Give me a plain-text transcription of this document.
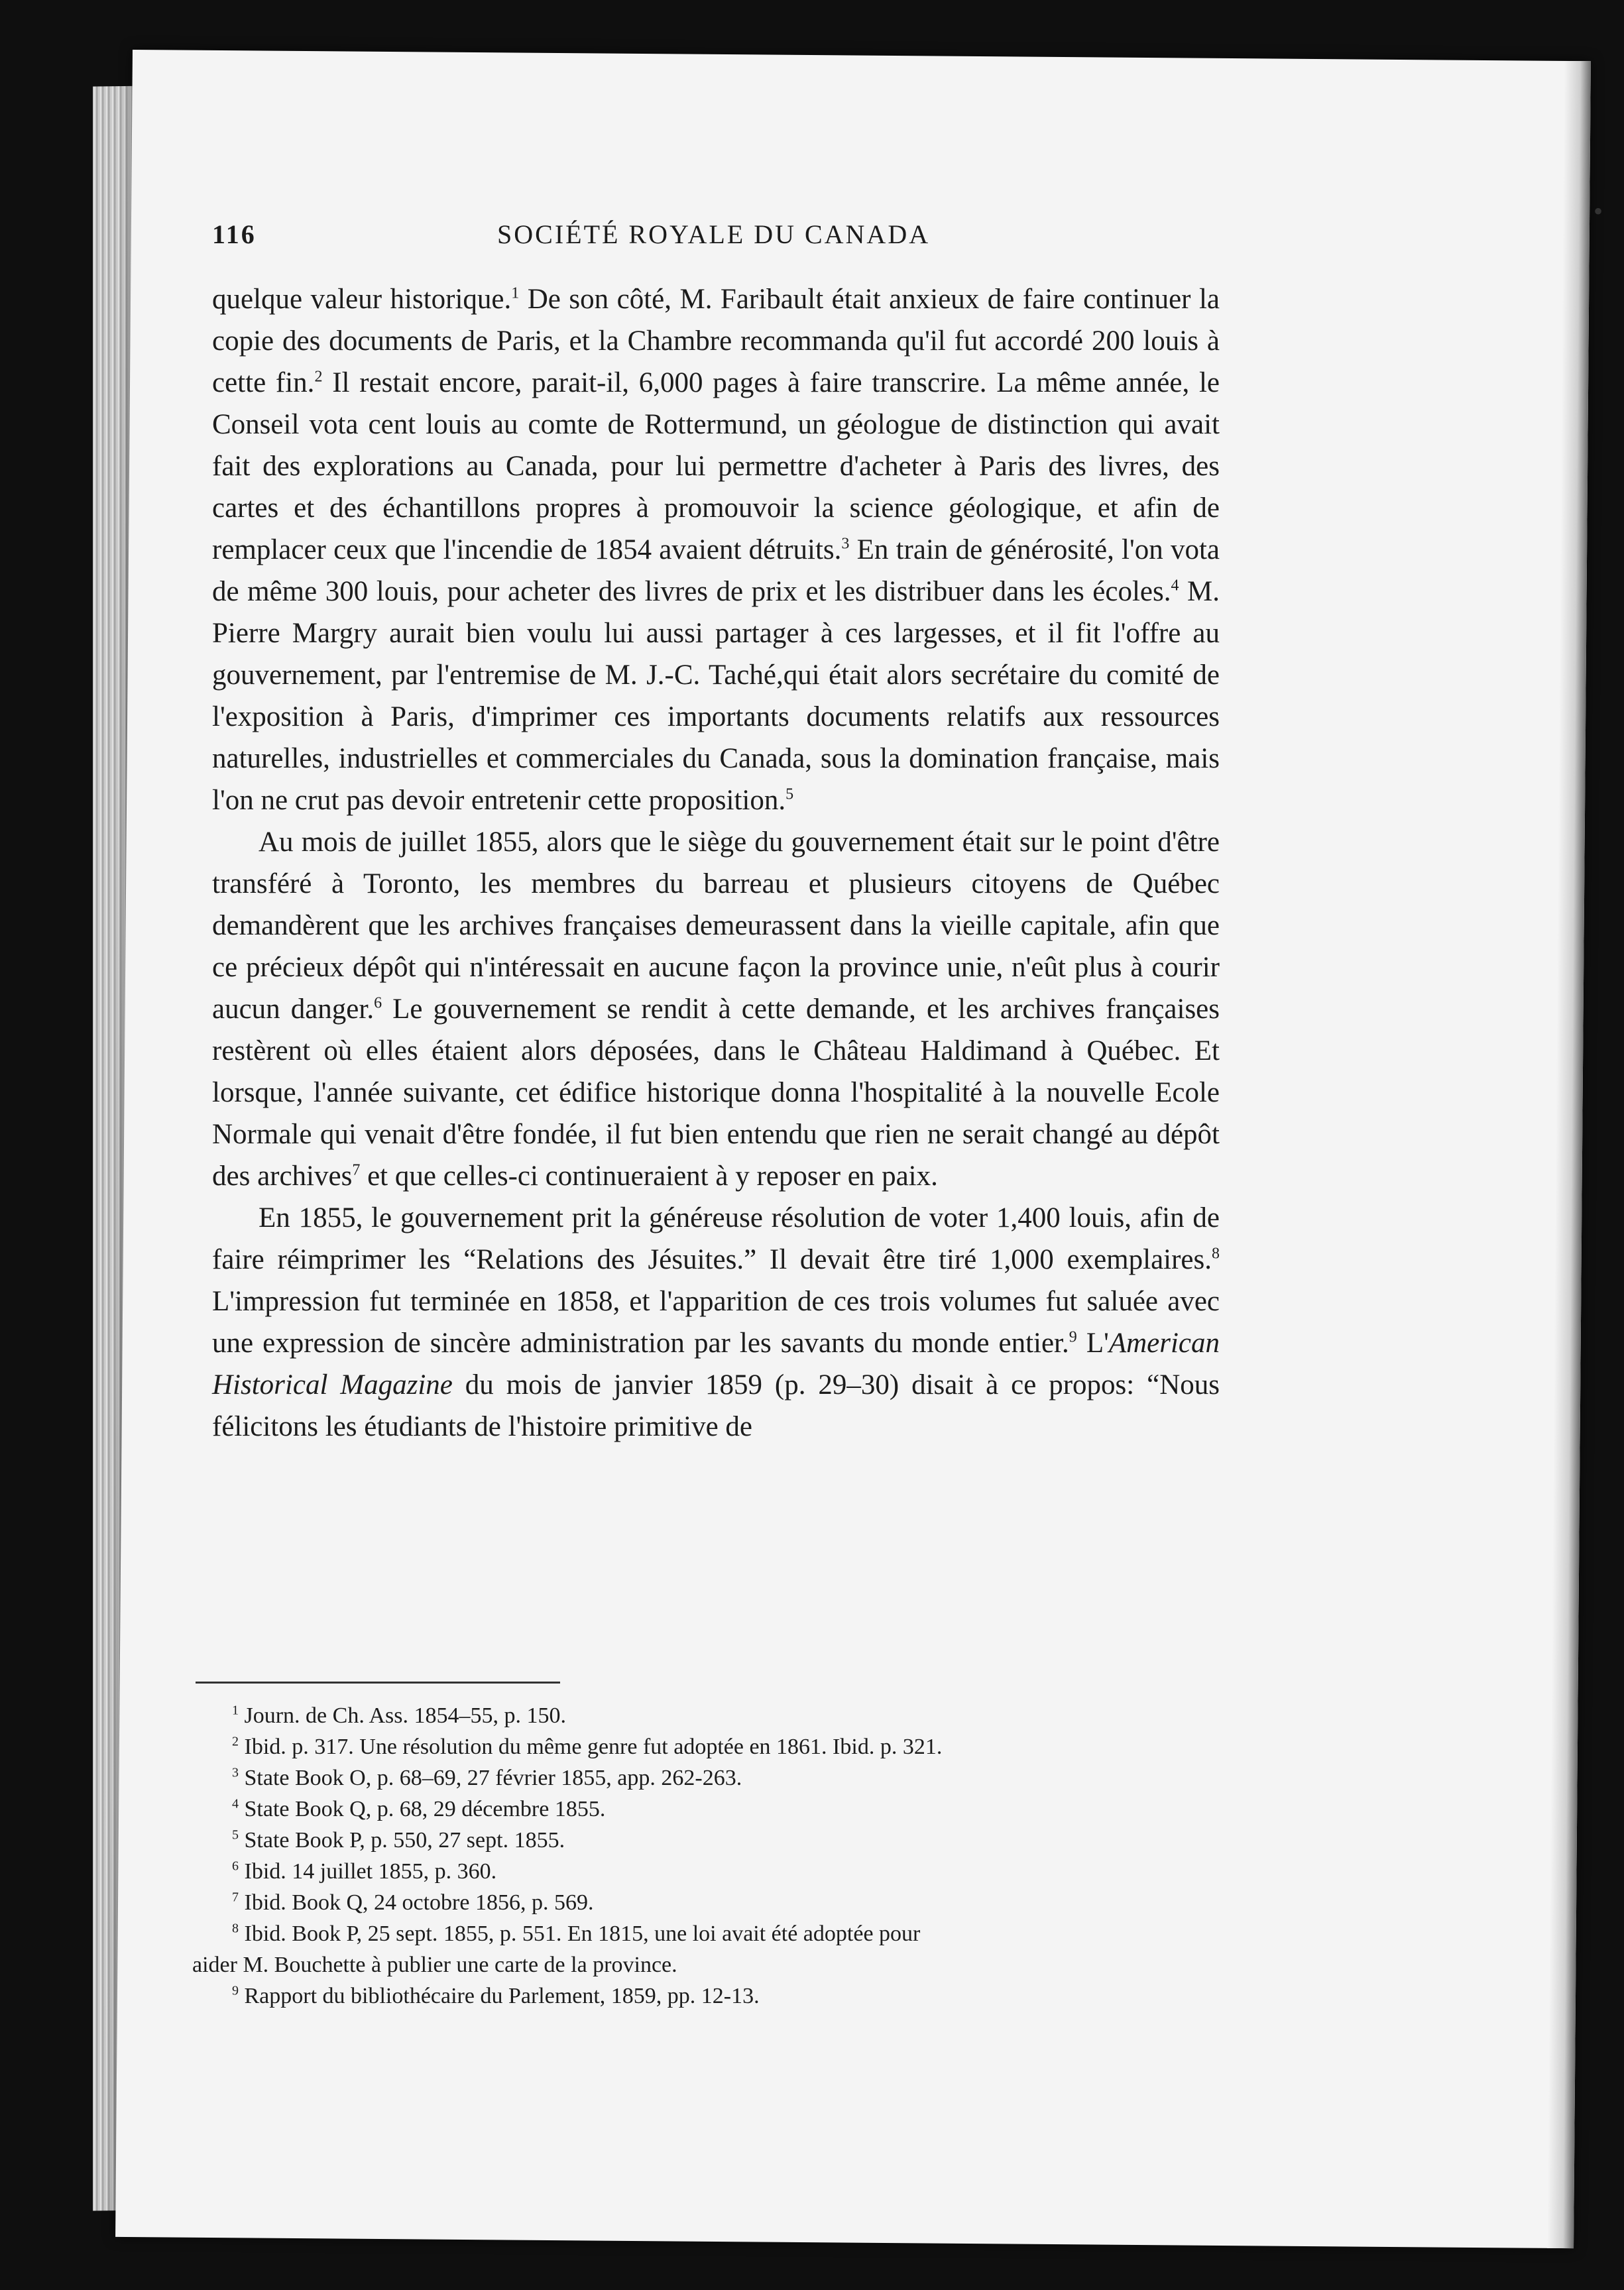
116	SOCIÉTÉ ROYALE DU CANADA

quelque valeur historique.$^1$ De son côté, M. Faribault était anxieux de faire continuer la copie des documents de Paris, et la Chambre recommanda qu'il fut accordé 200 louis à cette fin.$^2$ Il restait encore, parait-il, 6,000 pages à faire transcrire. La même année, le Conseil vota cent louis au comte de Rottermund, un géologue de distinction qui avait fait des explorations au Canada, pour lui permettre d'acheter à Paris des livres, des cartes et des échantillons propres à promouvoir la science géologique, et afin de remplacer ceux que l'incendie de 1854 avaient détruits.$^3$ En train de générosité, l'on vota de même 300 louis, pour acheter des livres de prix et les distribuer dans les écoles.$^4$ M. Pierre Margry aurait bien voulu lui aussi partager à ces largesses, et il fit l'offre au gouvernement, par l'entremise de M. J.-C. Taché,qui était alors secrétaire du comité de l'exposition à Paris, d'imprimer ces importants documents relatifs aux ressources naturelles, industrielles et commerciales du Canada, sous la domination française, mais l'on ne crut pas devoir entretenir cette proposition.$^5$

Au mois de juillet 1855, alors que le siège du gouvernement était sur le point d'être transféré à Toronto, les membres du barreau et plusieurs citoyens de Québec demandèrent que les archives françaises demeurassent dans la vieille capitale, afin que ce précieux dépôt qui n'intéressait en aucune façon la province unie, n'eût plus à courir aucun danger.$^6$ Le gouvernement se rendit à cette demande, et les archives françaises restèrent où elles étaient alors déposées, dans le Château Haldimand à Québec. Et lorsque, l'année suivante, cet édifice historique donna l'hospitalité à la nouvelle Ecole Normale qui venait d'être fondée, il fut bien entendu que rien ne serait changé au dépôt des archives$^7$ et que celles-ci continueraient à y reposer en paix.

En 1855, le gouvernement prit la généreuse résolution de voter 1,400 louis, afin de faire réimprimer les “Relations des Jésuites.” Il devait être tiré 1,000 exemplaires.$^8$ L'impression fut terminée en 1858, et l'apparition de ces trois volumes fut saluée avec une expression de sincère administration par les savants du monde entier.$^9$ L'American Historical Magazine du mois de janvier 1859 (p. 29–30) disait à ce propos: “Nous félicitons les étudiants de l'histoire primitive de

$^1$ Journ. de Ch. Ass. 1854–55, p. 150.

$^2$ Ibid. p. 317. Une résolution du même genre fut adoptée en 1861. Ibid. p. 321.

$^3$ State Book O, p. 68–69, 27 février 1855, app. 262-263.

$^4$ State Book Q, p. 68, 29 décembre 1855.

$^5$ State Book P, p. 550, 27 sept. 1855.

$^6$ Ibid. 14 juillet 1855, p. 360.

$^7$ Ibid. Book Q, 24 octobre 1856, p. 569.

$^8$ Ibid. Book P, 25 sept. 1855, p. 551. En 1815, une loi avait été adoptée pour

aider M. Bouchette à publier une carte de la province.

$^9$ Rapport du bibliothécaire du Parlement, 1859, pp. 12-13.

•
